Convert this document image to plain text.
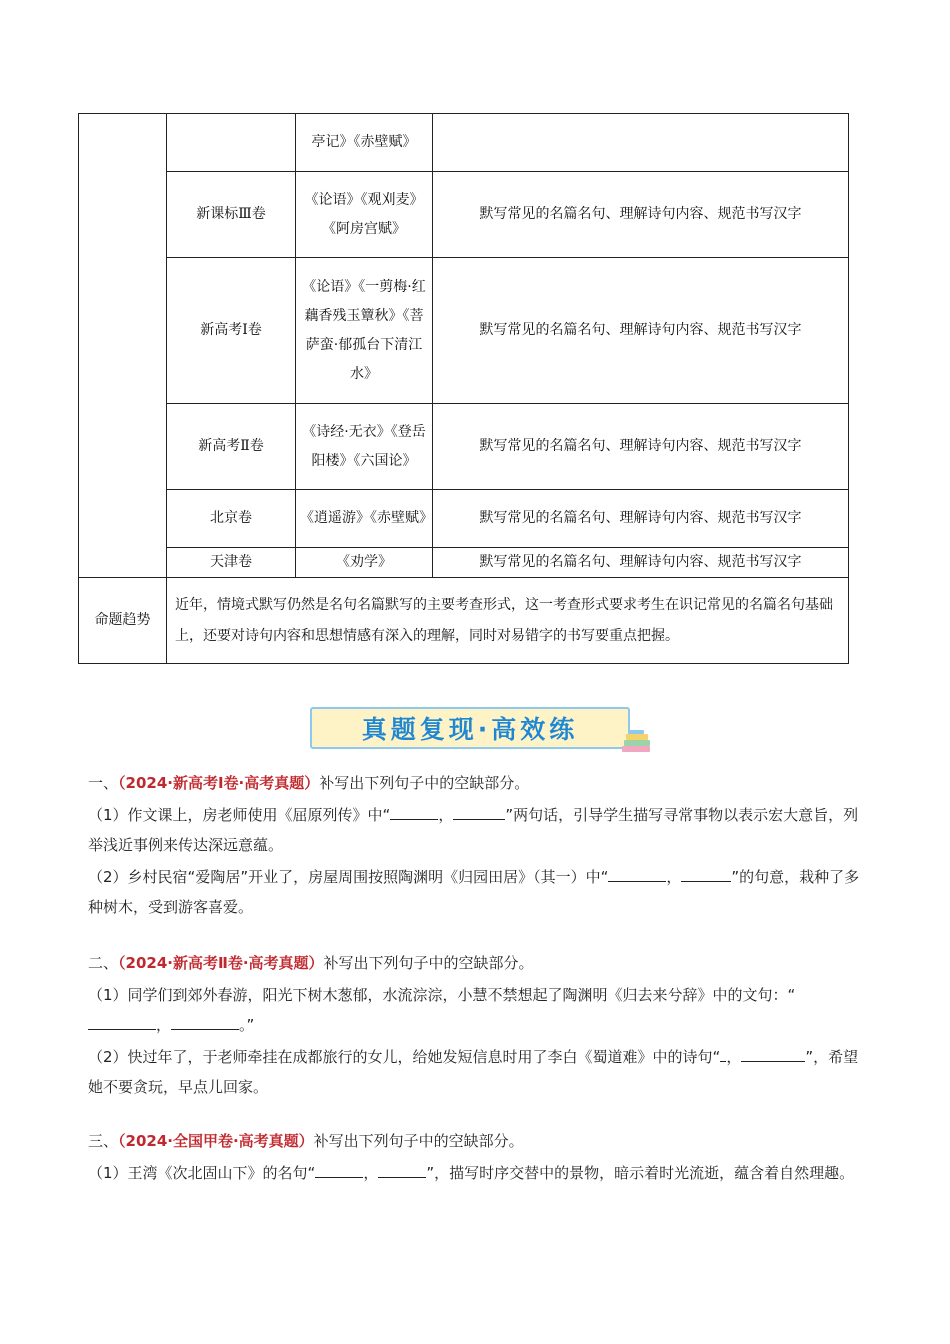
		亭记》《赤壁赋》	
	新课标Ⅲ卷	《论语》《观刈麦》《阿房宫赋》	默写常见的名篇名句、理解诗句内容、规范书写汉字
	新高考Ⅰ卷	《论语》《一剪梅·红藕香残玉簟秋》《菩萨蛮·郁孤台下清江水》	默写常见的名篇名句、理解诗句内容、规范书写汉字
	新高考Ⅱ卷	《诗经·无衣》《登岳阳楼》《六国论》	默写常见的名篇名句、理解诗句内容、规范书写汉字
	北京卷	《逍遥游》《赤壁赋》	默写常见的名篇名句、理解诗句内容、规范书写汉字
	天津卷	《劝学》	默写常见的名篇名句、理解诗句内容、规范书写汉字
命题趋势	近年，情境式默写仍然是名句名篇默写的主要考查形式，这一考查形式要求考生在识记常见的名篇名句基础上，还要对诗句内容和思想情感有深入的理解，同时对易错字的书写要重点把握。		
真题复现·高效练

一、（2024·新高考Ⅰ卷·高考真题）补写出下列句子中的空缺部分。

（1）作文课上，房老师使用《屈原列传》中“	，	”两句话，引导学生描写寻常事物以表示宏大意旨，列举浅近事例来传达深远意蕴。

（2）乡村民宿“爱陶居”开业了，房屋周围按照陶渊明《归园田居》（其一）中“	，	”的句意，栽种了多种树木，受到游客喜爱。

二、（2024·新高考Ⅱ卷·高考真题）补写出下列句子中的空缺部分。

（1）同学们到郊外春游，阳光下树木葱郁，水流淙淙，小慧不禁想起了陶渊明《归去来兮辞》中的文句：“，	。”

（2）快过年了，于老师牵挂在成都旅行的女儿，给她发短信息时用了李白《蜀道难》中的诗句“ ，	”，希望她不要贪玩，早点儿回家。

三、（2024·全国甲卷·高考真题）补写出下列句子中的空缺部分。

（1）王湾《次北固山下》的名句“	，	”，描写时序交替中的景物，暗示着时光流逝，蕴含着自然理趣。
